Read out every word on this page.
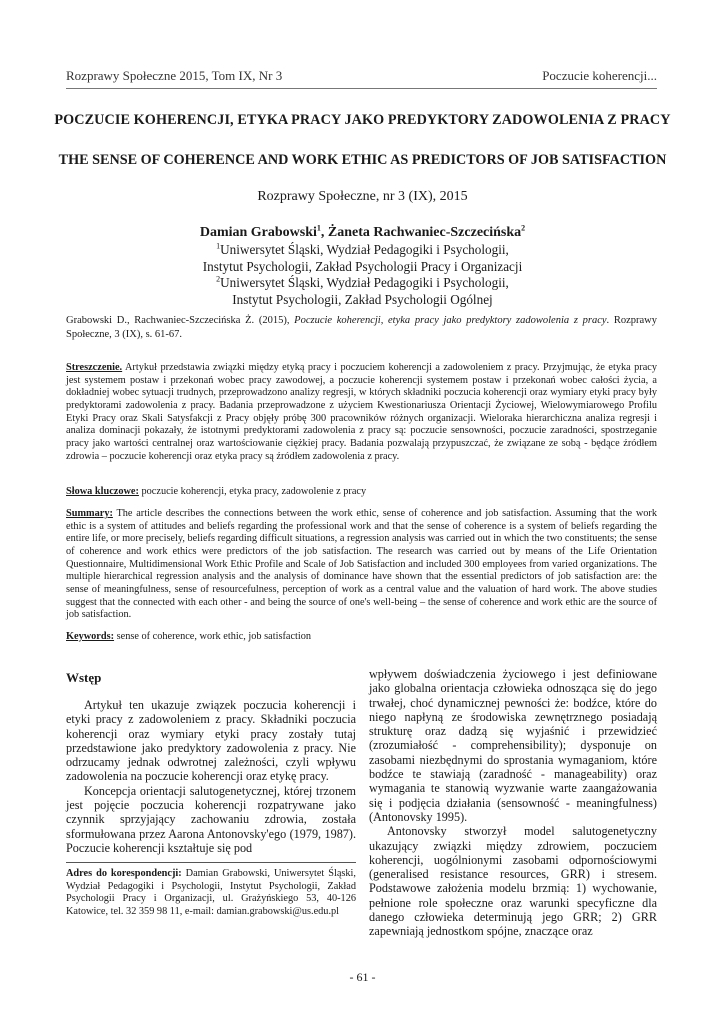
Rozprawy Społeczne 2015, Tom IX, Nr 3	Poczucie koherencji...
POCZUCIE KOHERENCJI, ETYKA PRACY JAKO PREDYKTORY ZADOWOLENIA Z PRACY
THE SENSE OF COHERENCE AND WORK ETHIC AS PREDICTORS OF JOB SATISFACTION
Rozprawy Społeczne, nr 3 (IX), 2015
Damian Grabowski$^1$, Żaneta Rachwaniec-Szczecińska$^2$
$^1$Uniwersytet Śląski, Wydział Pedagogiki i Psychologii,
Instytut Psychologii, Zakład Psychologii Pracy i Organizacji
$^2$Uniwersytet Śląski, Wydział Pedagogiki i Psychologii,
Instytut Psychologii, Zakład Psychologii Ogólnej
Grabowski D., Rachwaniec-Szczecińska Ż. (2015), Poczucie koherencji, etyka pracy jako predyktory zadowolenia z pracy. Rozprawy Społeczne, 3 (IX), s. 61-67.
Streszczenie. Artykuł przedstawia związki między etyką pracy i poczuciem koherencji a zadowoleniem z pracy. Przyjmując, że etyka pracy jest systemem postaw i przekonań wobec pracy zawodowej, a poczucie koherencji systemem postaw i przekonań wobec całości życia, a dokładniej wobec sytuacji trudnych, przeprowadzono analizy regresji, w których składniki poczucia koherencji oraz wymiary etyki pracy były predyktorami zadowolenia z pracy. Badania przeprowadzone z użyciem Kwestionariusza Orientacji Życiowej, Wielowymiarowego Profilu Etyki Pracy oraz Skali Satysfakcji z Pracy objęły próbę 300 pracowników różnych organizacji. Wieloraka hierarchiczna analiza regresji i analiza dominacji pokazały, że istotnymi predyktorami zadowolenia z pracy są: poczucie sensowności, poczucie zaradności, spostrzeganie pracy jako wartości centralnej oraz wartościowanie ciężkiej pracy. Badania pozwalają przypuszczać, że związane ze sobą - będące źródłem zdrowia – poczucie koherencji oraz etyka pracy są źródłem zadowolenia z pracy.
Słowa kluczowe: poczucie koherencji, etyka pracy, zadowolenie z pracy
Summary: The article describes the connections between the work ethic, sense of coherence and job satisfaction. Assuming that the work ethic is a system of attitudes and beliefs regarding the professional work and that the sense of coherence is a system of beliefs regarding the entire life, or more precisely, beliefs regarding difficult situations, a regression analysis was carried out in which the two constituents; the sense of coherence and work ethics were predictors of the job satisfaction. The research was carried out by means of the Life Orientation Questionnaire, Multidimensional Work Ethic Profile and Scale of Job Satisfaction and included 300 employees from varied organizations. The multiple hierarchical regression analysis and the analysis of dominance have shown that the essential predictors of job satisfaction are: the sense of meaningfulness, sense of resourcefulness, perception of work as a central value and the valuation of hard work. The above studies suggest that the connected with each other - and being the source of one's well-being – the sense of coherence and work ethic are the source of job satisfaction.
Keywords: sense of coherence, work ethic, job satisfaction
Wstęp

Artykuł ten ukazuje związek poczucia koherencji i etyki pracy z zadowoleniem z pracy. Składniki poczucia koherencji oraz wymiary etyki pracy zostały tutaj przedstawione jako predyktory zadowolenia z pracy. Nie odrzucamy jednak odwrotnej zależności, czyli wpływu zadowolenia na poczucie koherencji oraz etykę pracy.

Koncepcja orientacji salutogenetycznej, której trzonem jest pojęcie poczucia koherencji rozpatrywane jako czynnik sprzyjający zachowaniu zdrowia, została sformułowana przez Aarona Antonovsky'ego (1979, 1987). Poczucie koherencji kształtuje się pod

Adres do korespondencji: Damian Grabowski, Uniwersytet Śląski, Wydział Pedagogiki i Psychologii, Instytut Psychologii, Zakład Psychologii Pracy i Organizacji, ul. Grażyńskiego 53, 40-126 Katowice, tel. 32 359 98 11, e-mail: damian.grabowski@us.edu.pl

wpływem doświadczenia życiowego i jest definiowane jako globalna orientacja człowieka odnosząca się do jego trwałej, choć dynamicznej pewności że: bodźce, które do niego napłyną ze środowiska zewnętrznego posiadają strukturę oraz dadzą się wyjaśnić i przewidzieć (zrozumiałość - comprehensibility); dysponuje on zasobami niezbędnymi do sprostania wymaganiom, które bodźce te stawiają (zaradność - manageability) oraz wymagania te stanowią wyzwanie warte zaangażowania się i podjęcia działania (sensowność - meaningfulness) (Antonovsky 1995).

Antonovsky stworzył model salutogenetyczny ukazujący związki między zdrowiem, poczuciem koherencji, uogólnionymi zasobami odpornościowymi (generalised resistance resources, GRR) i stresem. Podstawowe założenia modelu brzmią: 1) wychowanie, pełnione role społeczne oraz warunki specyficzne dla danego człowieka determinują jego GRR; 2) GRR zapewniają jednostkom spójne, znaczące oraz

- 61 -
